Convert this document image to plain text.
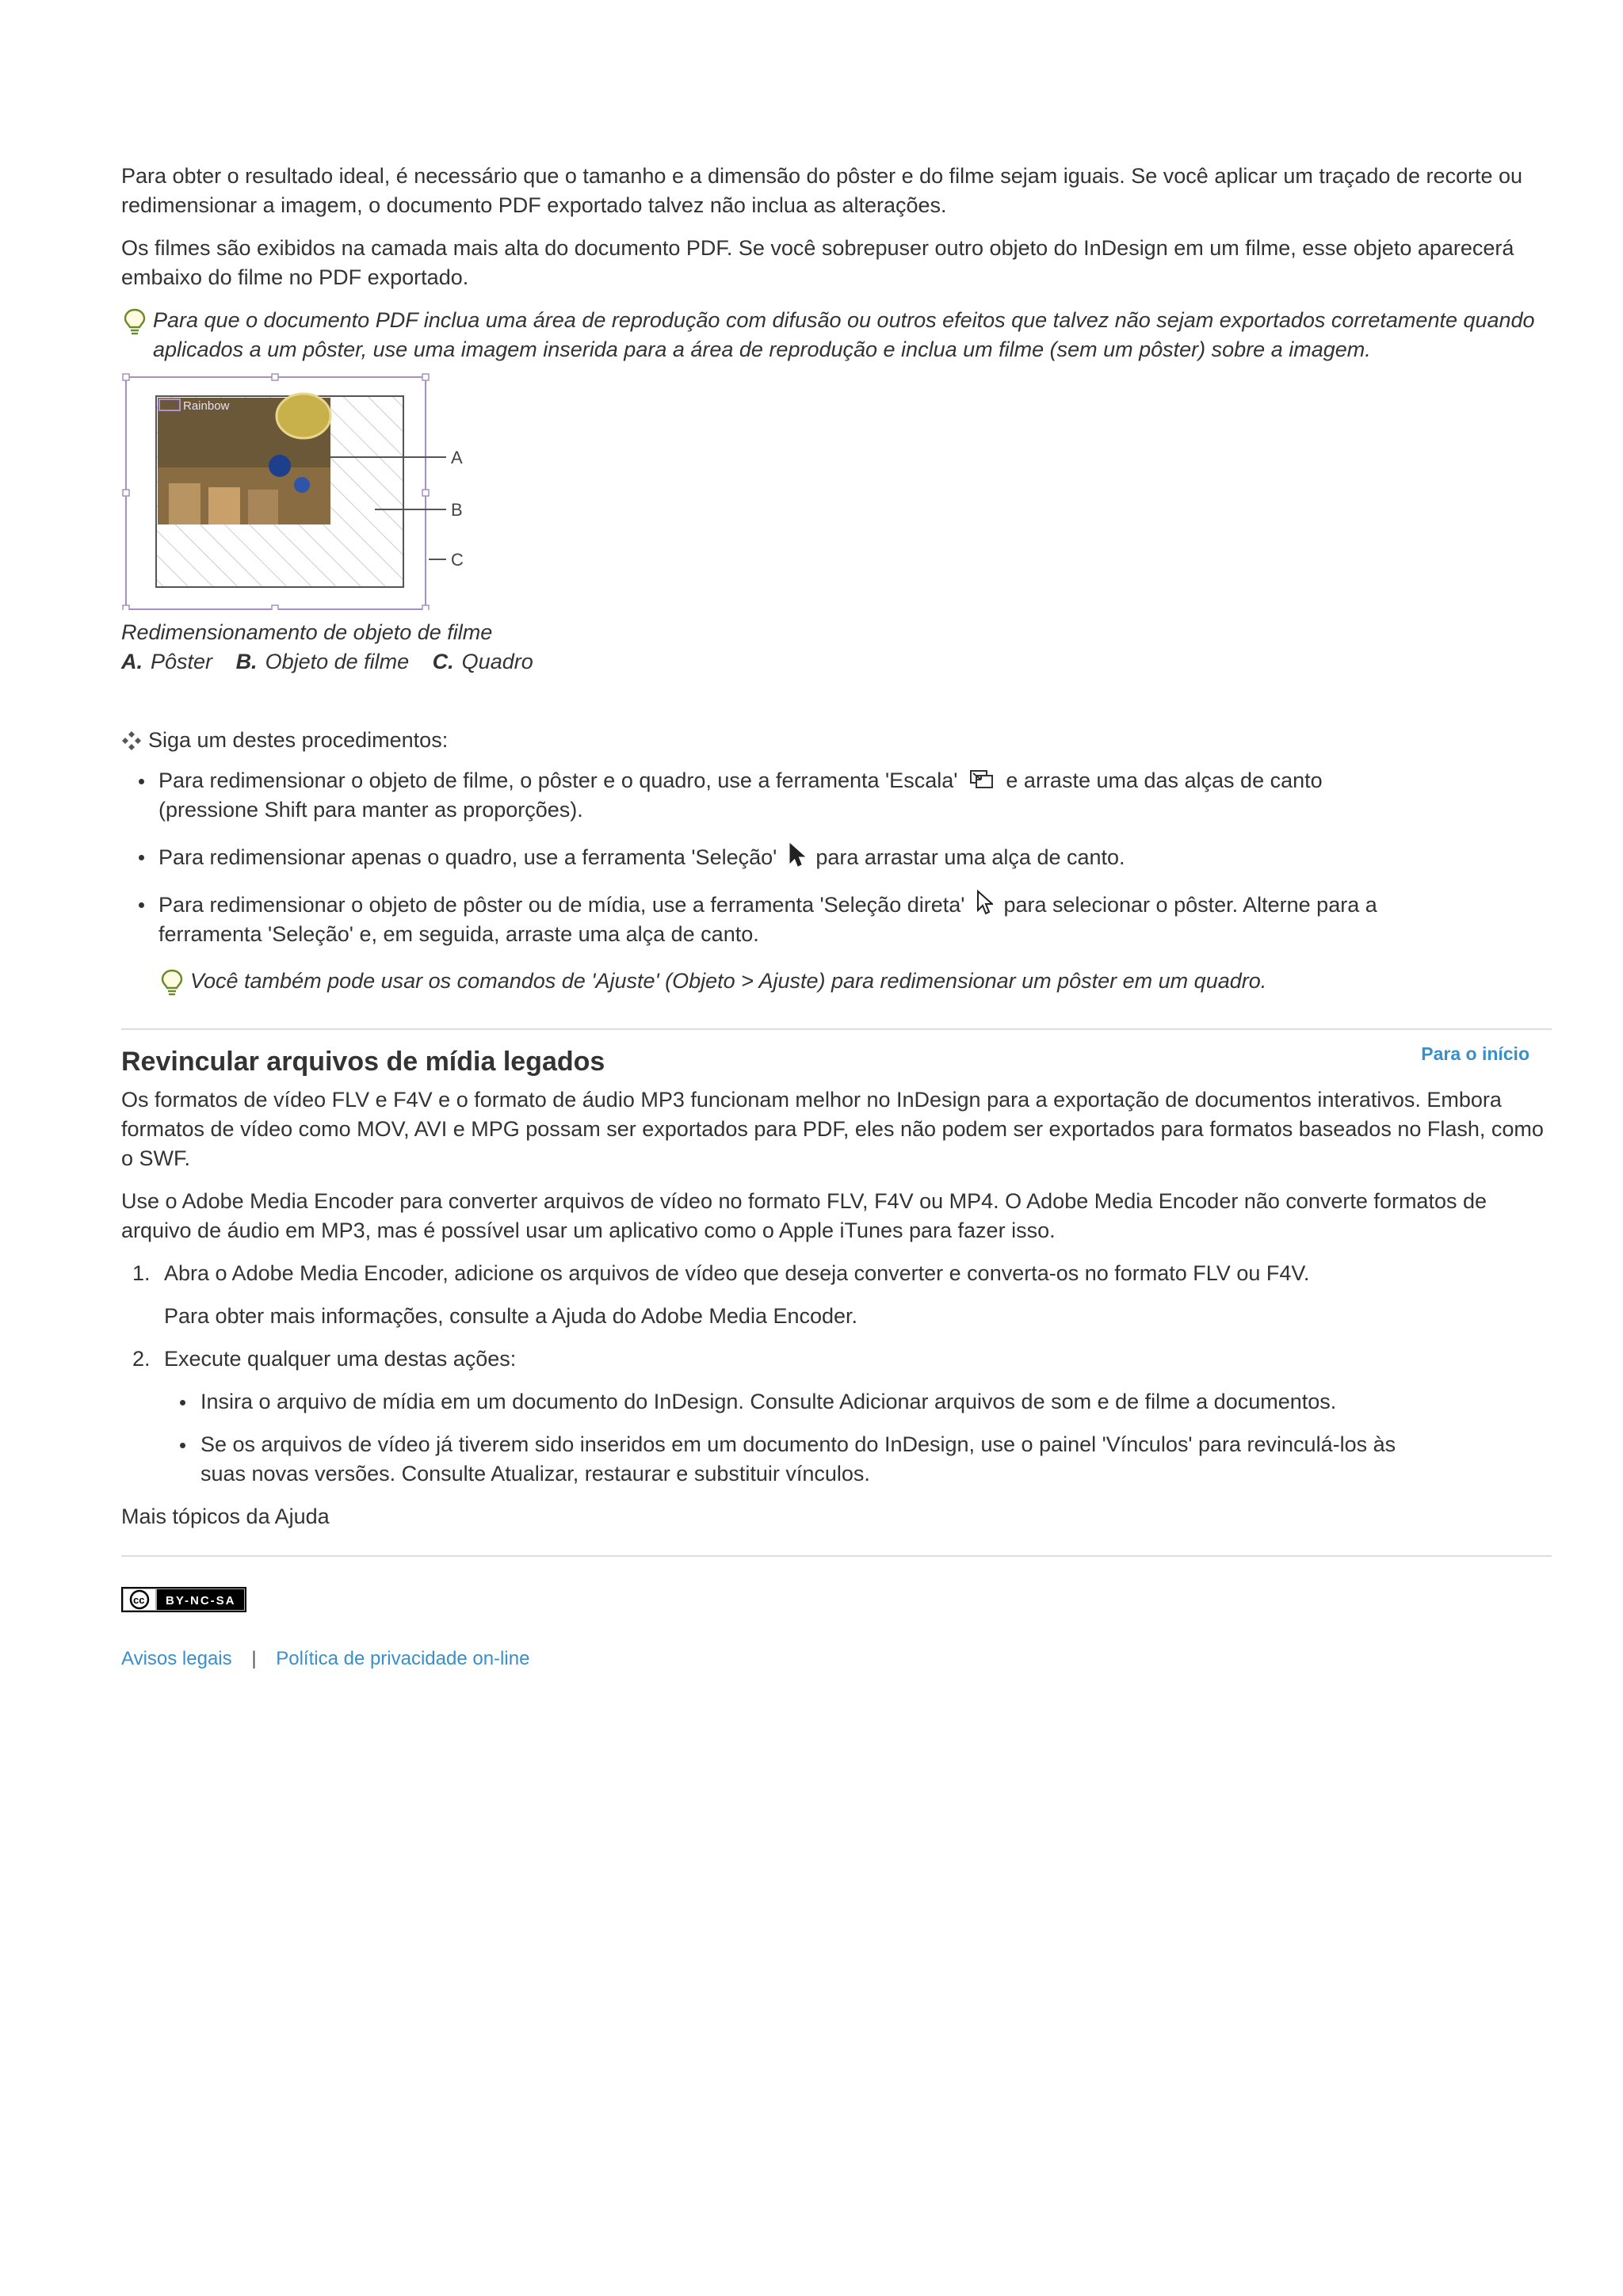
Para obter o resultado ideal, é necessário que o tamanho e a dimensão do pôster e do filme sejam iguais. Se você aplicar um traçado de recorte ou redimensionar a imagem, o documento PDF exportado talvez não inclua as alterações.

Os filmes são exibidos na camada mais alta do documento PDF. Se você sobrepuser outro objeto do InDesign em um filme, esse objeto aparecerá embaixo do filme no PDF exportado.

Para que o documento PDF inclua uma área de reprodução com difusão ou outros efeitos que talvez não sejam exportados corretamente quando aplicados a um pôster, use uma imagem inserida para a área de reprodução e inclua um filme (sem um pôster) sobre a imagem.
Rainbow
A
B
C
Redimensionamento de objeto de filme
A. Pôster B. Objeto de filme C. Quadro
Siga um destes procedimentos:
Para redimensionar o objeto de filme, o pôster e o quadro, use a ferramenta 'Escala' e arraste uma das alças de canto (pressione Shift para manter as proporções).
Para redimensionar apenas o quadro, use a ferramenta 'Seleção' para arrastar uma alça de canto.
Para redimensionar o objeto de pôster ou de mídia, use a ferramenta 'Seleção direta' para selecionar o pôster. Alterne para a ferramenta 'Seleção' e, em seguida, arraste uma alça de canto.
Você também pode usar os comandos de 'Ajuste' (Objeto > Ajuste) para redimensionar um pôster em um quadro.
Revincular arquivos de mídia legados	Para o início

Os formatos de vídeo FLV e F4V e o formato de áudio MP3 funcionam melhor no InDesign para a exportação de documentos interativos. Embora formatos de vídeo como MOV, AVI e MPG possam ser exportados para PDF, eles não podem ser exportados para formatos baseados no Flash, como o SWF.

Use o Adobe Media Encoder para converter arquivos de vídeo no formato FLV, F4V ou MP4. O Adobe Media Encoder não converte formatos de arquivo de áudio em MP3, mas é possível usar um aplicativo como o Apple iTunes para fazer isso.

1. Abra o Adobe Media Encoder, adicione os arquivos de vídeo que deseja converter e converta-os no formato FLV ou F4V.
Para obter mais informações, consulte a Ajuda do Adobe Media Encoder.
2. Execute qualquer uma destas ações:
Insira o arquivo de mídia em um documento do InDesign. Consulte Adicionar arquivos de som e de filme a documentos.
Se os arquivos de vídeo já tiverem sido inseridos em um documento do InDesign, use o painel 'Vínculos' para revinculá-los às suas novas versões. Consulte Atualizar, restaurar e substituir vínculos.

Mais tópicos da Ajuda

cc BY-NC-SA
Avisos legais | Política de privacidade on-line
